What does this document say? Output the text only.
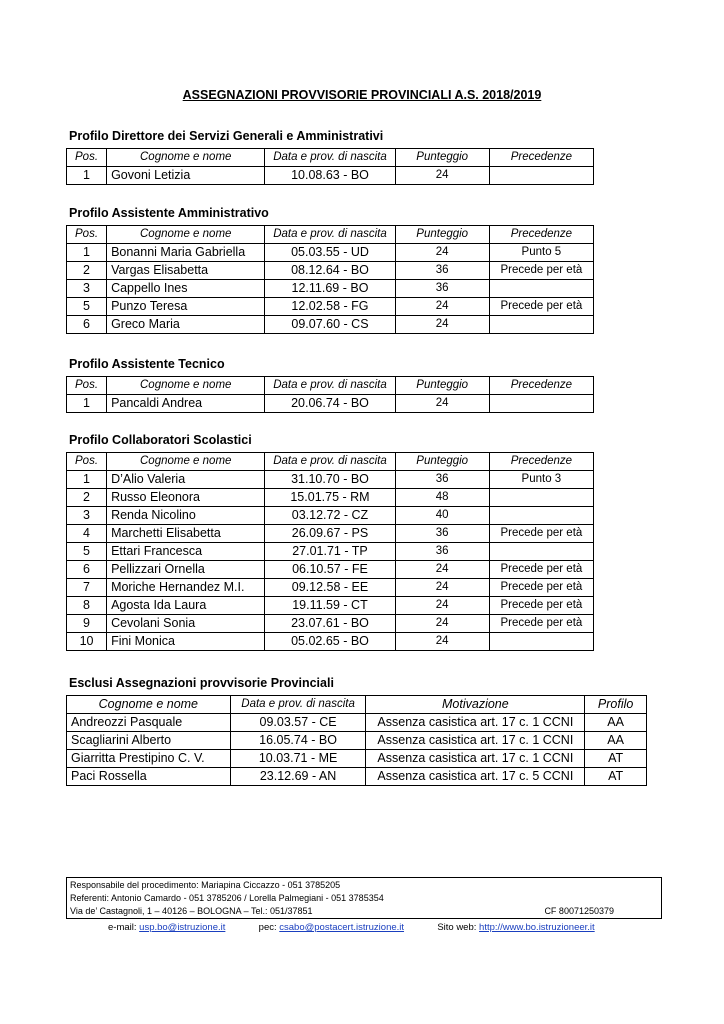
ASSEGNAZIONI PROVVISORIE PROVINCIALI A.S. 2018/2019
Profilo Direttore dei Servizi Generali e Amministrativi
Pos.	Cognome e nome	Data e prov. di nascita	Punteggio	Precedenze
1	Govoni Letizia	10.08.63 - BO	24	
Profilo Assistente Amministrativo
Pos.	Cognome e nome	Data e prov. di nascita	Punteggio	Precedenze
1	Bonanni Maria Gabriella	05.03.55 - UD	24	Punto 5
2	Vargas Elisabetta	08.12.64 - BO	36	Precede per età
3	Cappello Ines	12.11.69 - BO	36	
5	Punzo Teresa	12.02.58 - FG	24	Precede per età
6	Greco Maria	09.07.60 - CS	24	
Profilo Assistente Tecnico
Pos.	Cognome e nome	Data e prov. di nascita	Punteggio	Precedenze
1	Pancaldi Andrea	20.06.74 - BO	24	
Profilo Collaboratori Scolastici
Pos.	Cognome e nome	Data e prov. di nascita	Punteggio	Precedenze
1	D’Alio Valeria	31.10.70 - BO	36	Punto 3
2	Russo Eleonora	15.01.75 - RM	48	
3	Renda Nicolino	03.12.72 - CZ	40	
4	Marchetti Elisabetta	26.09.67 - PS	36	Precede per età
5	Ettari Francesca	27.01.71 - TP	36	
6	Pellizzari Ornella	06.10.57 - FE	24	Precede per età
7	Moriche Hernandez M.I.	09.12.58 - EE	24	Precede per età
8	Agosta Ida Laura	19.11.59 - CT	24	Precede per età
9	Cevolani Sonia	23.07.61 - BO	24	Precede per età
10	Fini Monica	05.02.65 - BO	24	
Esclusi Assegnazioni provvisorie Provinciali
Cognome e nome	Data e prov. di nascita	Motivazione	Profilo
Andreozzi Pasquale	09.03.57 - CE	Assenza casistica art. 17 c. 1 CCNI	AA
Scagliarini Alberto	16.05.74 - BO	Assenza casistica art. 17 c. 1 CCNI	AA
Giarritta Prestipino C. V.	10.03.71 - ME	Assenza casistica art. 17 c. 1 CCNI	AT
Paci Rossella	23.12.69 - AN	Assenza casistica art. 17 c. 5 CCNI	AT
Responsabile del procedimento: Mariapina Ciccazzo - 051 3785205
Referenti: Antonio Camardo - 051 3785206 / Lorella Palmegiani - 051 3785354
Via de’ Castagnoli, 1 – 40126 – BOLOGNA – Tel.: 051/37851	CF 80071250379
e-mail: usp.bo@istruzione.it	pec: csabo@postacert.istruzione.it	Sito web: http://www.bo.istruzioneer.it
